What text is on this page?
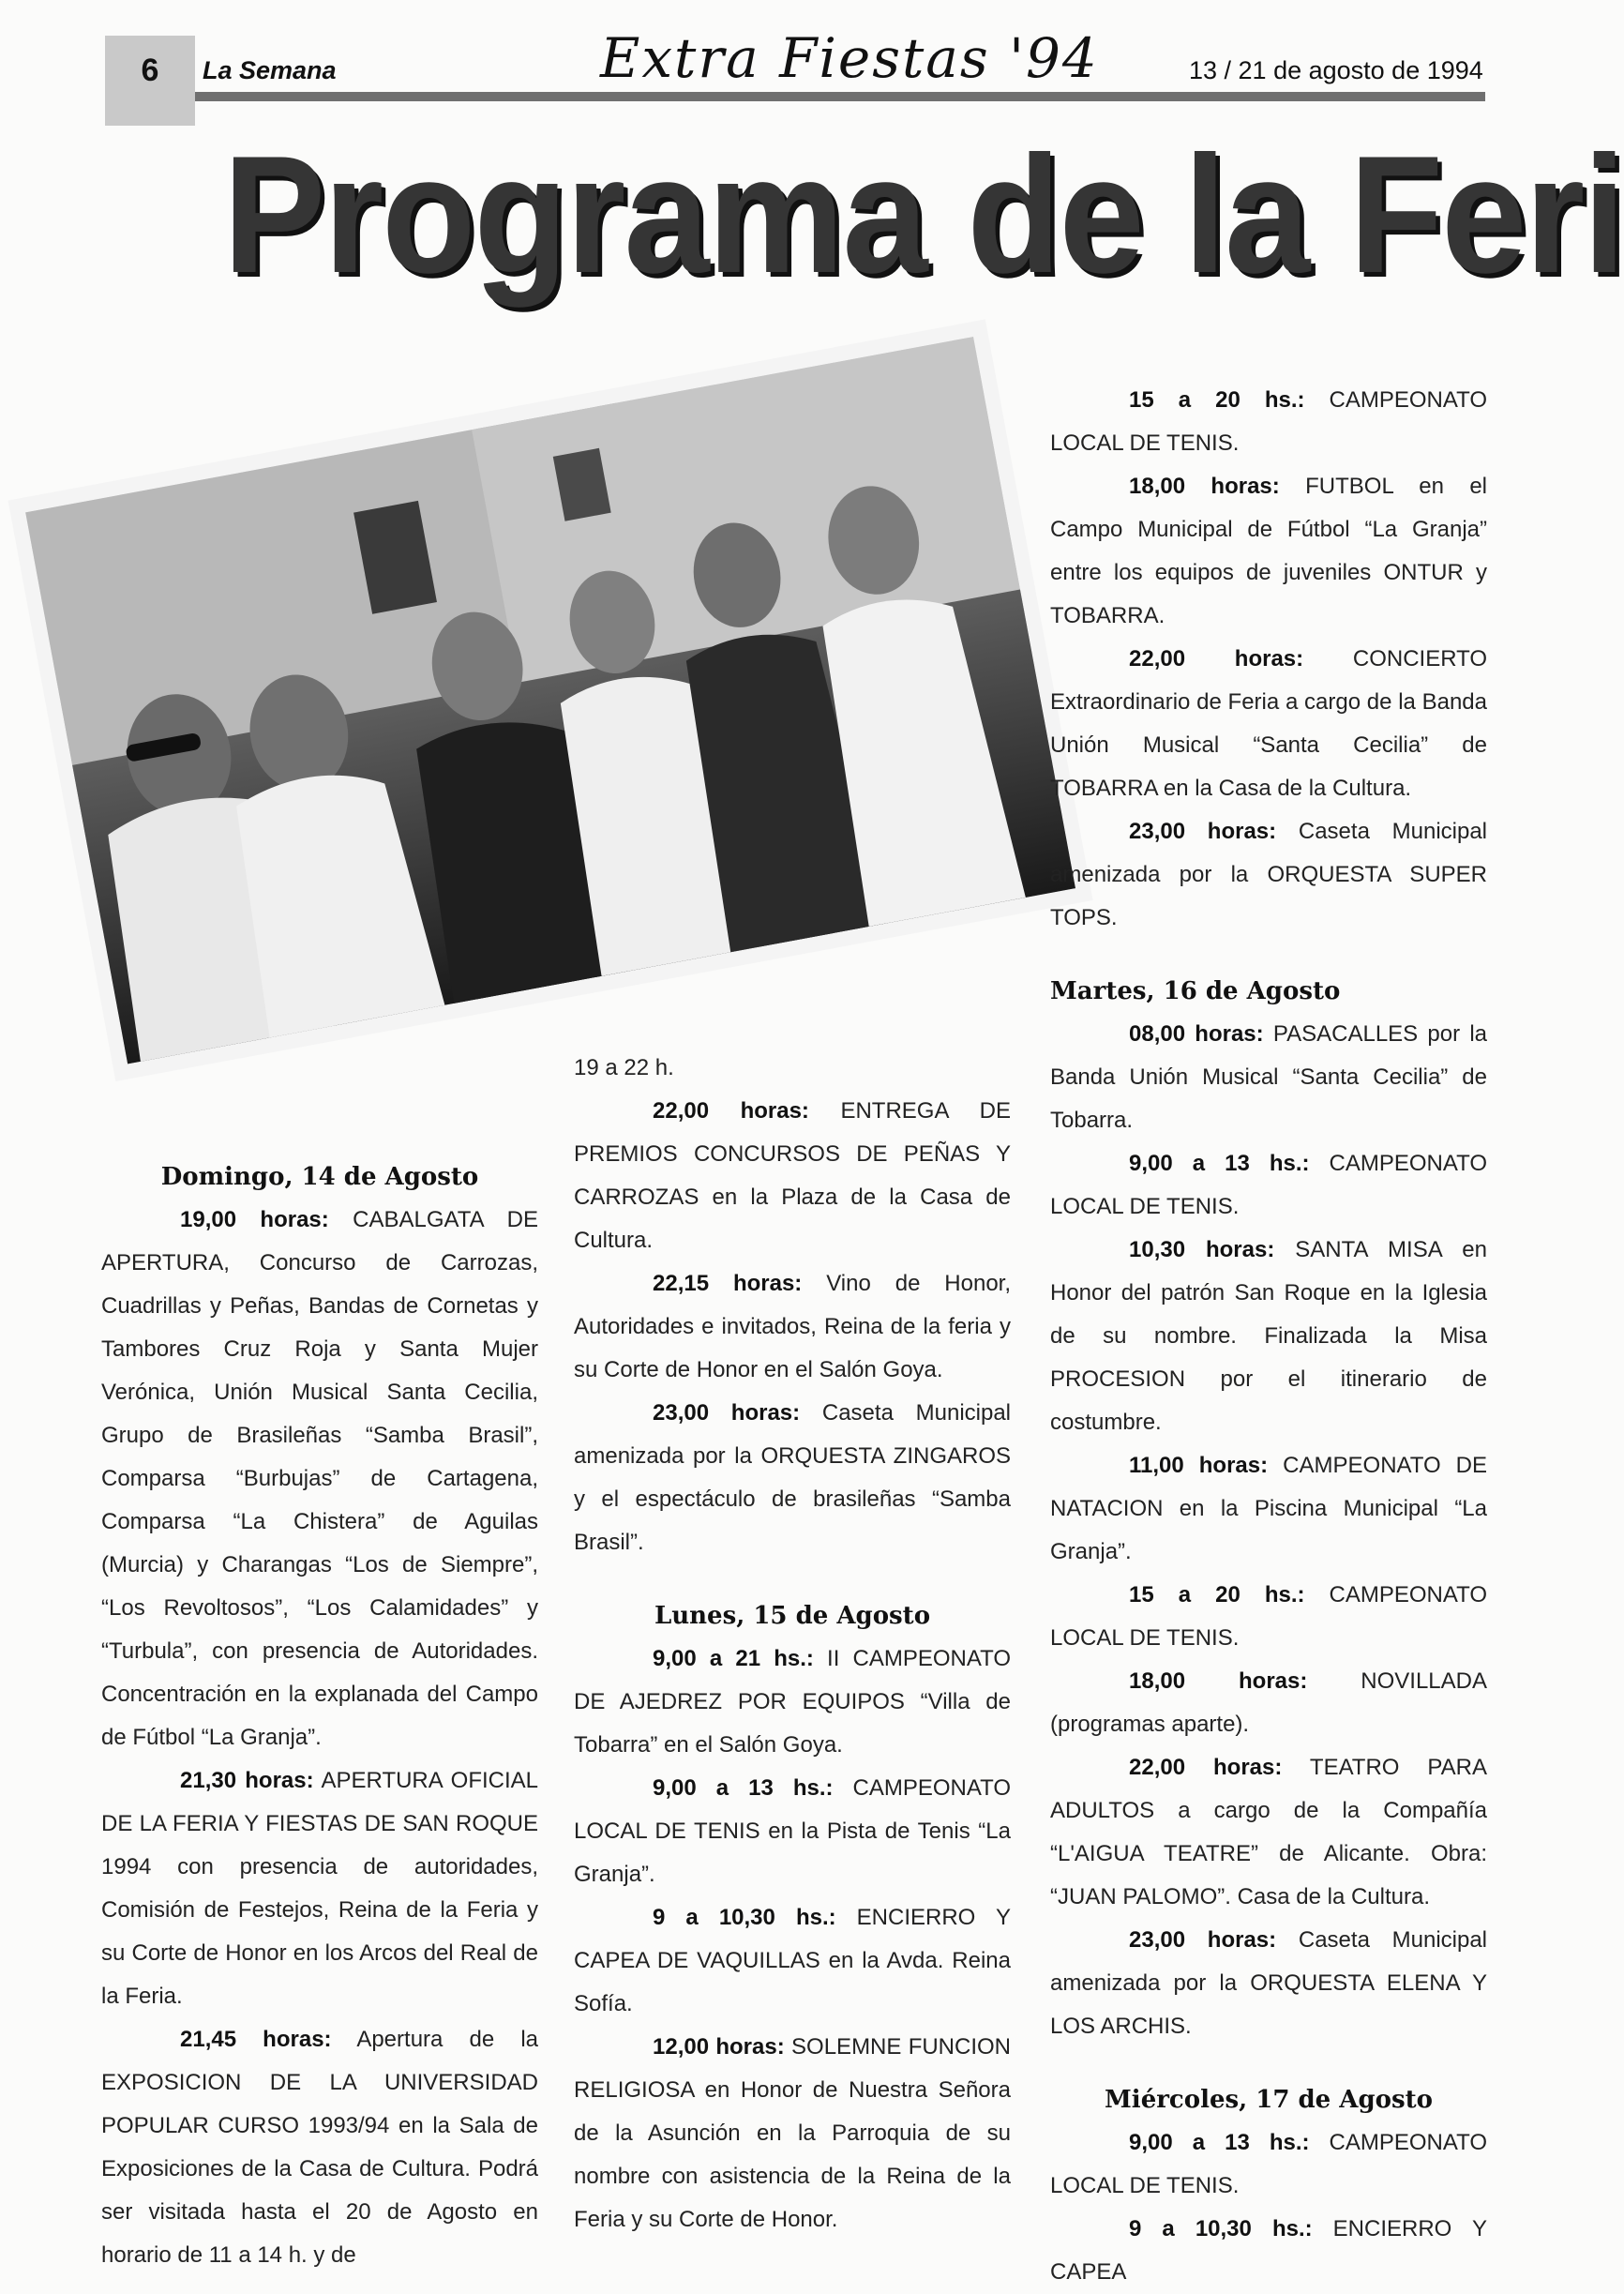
6	La Semana	Extra Fiestas '94	13 / 21 de agosto de 1994
Programa de la Feri

Domingo, 14 de Agosto

19,00 horas: CABALGATA DE APERTURA, Concurso de Carrozas, Cuadrillas y Peñas, Bandas de Cornetas y Tambores Cruz Roja y Santa Mujer Verónica, Unión Musical Santa Cecilia, Grupo de Brasileñas “Samba Brasil”, Comparsa “Burbujas” de Cartagena, Comparsa “La Chistera” de Aguilas (Murcia) y Charangas “Los de Siempre”, “Los Revoltosos”, “Los Calamidades” y “Turbula”, con presencia de Autoridades. Concentración en la explanada del Campo de Fútbol “La Granja”.

21,30 horas: APERTURA OFICIAL DE LA FERIA Y FIESTAS DE SAN ROQUE 1994 con presencia de autoridades, Comisión de Festejos, Reina de la Feria y su Corte de Honor en los Arcos del Real de la Feria.

21,45 horas: Apertura de la EXPOSICION DE LA UNIVERSIDAD POPULAR CURSO 1993/94 en la Sala de Exposiciones de la Casa de Cultura. Podrá ser visitada hasta el 20 de Agosto en horario de 11 a 14 h. y de

19 a 22 h.

22,00 horas: ENTREGA DE PREMIOS CONCURSOS DE PEÑAS Y CARROZAS en la Plaza de la Casa de Cultura.

22,15 horas: Vino de Honor, Autoridades e invitados, Reina de la feria y su Corte de Honor en el Salón Goya.

23,00 horas: Caseta Municipal amenizada por la ORQUESTA ZINGAROS y el espectáculo de brasileñas “Samba Brasil”.

Lunes, 15 de Agosto

9,00 a 21 hs.: II CAMPEONATO DE AJEDREZ POR EQUIPOS “Villa de Tobarra” en el Salón Goya.

9,00 a 13 hs.: CAMPEONATO LOCAL DE TENIS en la Pista de Tenis “La Granja”.

9 a 10,30 hs.: ENCIERRO Y CAPEA DE VAQUILLAS en la Avda. Reina Sofía.

12,00 horas: SOLEMNE FUNCION RELIGIOSA en Honor de Nuestra Señora de la Asunción en la Parroquia de su nombre con asistencia de la Reina de la Feria y su Corte de Honor.

15 a 20 hs.: CAMPEONATO LOCAL DE TENIS.

18,00 horas: FUTBOL en el Campo Municipal de Fútbol “La Granja” entre los equipos de juveniles ONTUR y TOBARRA.

22,00 horas: CONCIERTO Extraordinario de Feria a cargo de la Banda Unión Musical “Santa Cecilia” de TOBARRA en la Casa de la Cultura.

23,00 horas: Caseta Municipal amenizada por la ORQUESTA SUPER TOPS.

Martes, 16 de Agosto

08,00 horas: PASACALLES por la Banda Unión Musical “Santa Cecilia” de Tobarra.

9,00 a 13 hs.: CAMPEONATO LOCAL DE TENIS.

10,30 horas: SANTA MISA en Honor del patrón San Roque en la Iglesia de su nombre. Finalizada la Misa PROCESION por el itinerario de costumbre.

11,00 horas: CAMPEONATO DE NATACION en la Piscina Municipal “La Granja”.

15 a 20 hs.: CAMPEONATO LOCAL DE TENIS.

18,00 horas: NOVILLADA (programas aparte).

22,00 horas: TEATRO PARA ADULTOS a cargo de la Compañía “L'AIGUA TEATRE” de Alicante. Obra: “JUAN PALOMO”. Casa de la Cultura.

23,00 horas: Caseta Municipal amenizada por la ORQUESTA ELENA Y LOS ARCHIS.

Miércoles, 17 de Agosto

9,00 a 13 hs.: CAMPEONATO LOCAL DE TENIS.

9 a 10,30 hs.: ENCIERRO Y CAPEA
